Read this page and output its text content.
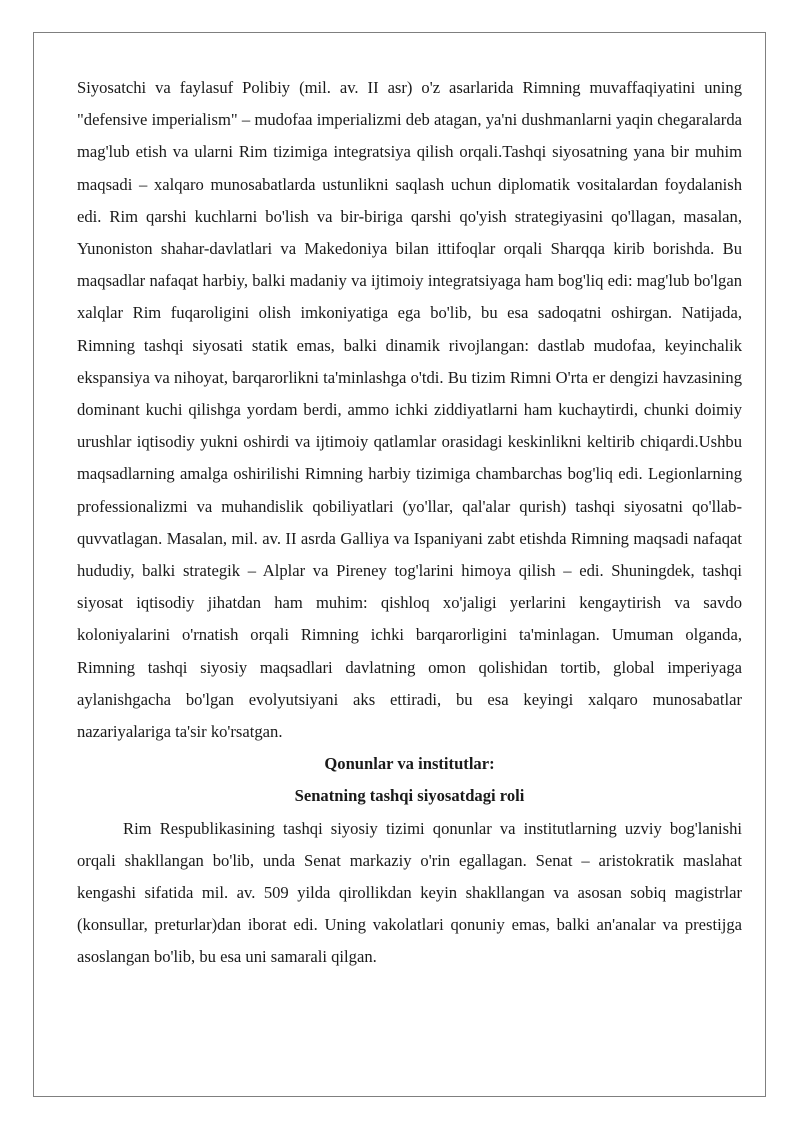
Siyosatchi va faylasuf Polibiy (mil. av. II asr) o'z asarlarida Rimning muvaffaqiyatini uning "defensive imperialism" – mudofaa imperializmi deb atagan, ya'ni dushmanlarni yaqin chegaralarda mag'lub etish va ularni Rim tizimiga integratsiya qilish orqali.Tashqi siyosatning yana bir muhim maqsadi – xalqaro munosabatlarda ustunlikni saqlash uchun diplomatik vositalardan foydalanish edi. Rim qarshi kuchlarni bo'lish va bir-biriga qarshi qo'yish strategiyasini qo'llagan, masalan, Yunoniston shahar-davlatlari va Makedoniya bilan ittifoqlar orqali Sharqqa kirib borishda. Bu maqsadlar nafaqat harbiy, balki madaniy va ijtimoiy integratsiyaga ham bog'liq edi: mag'lub bo'lgan xalqlar Rim fuqaroligini olish imkoniyatiga ega bo'lib, bu esa sadoqatni oshirgan. Natijada, Rimning tashqi siyosati statik emas, balki dinamik rivojlangan: dastlab mudofaa, keyinchalik ekspansiya va nihoyat, barqarorlikni ta'minlashga o'tdi. Bu tizim Rimni O'rta er dengizi havzasining dominant kuchi qilishga yordam berdi, ammo ichki ziddiyatlarni ham kuchaytirdi, chunki doimiy urushlar iqtisodiy yukni oshirdi va ijtimoiy qatlamlar orasidagi keskinlikni keltirib chiqardi.Ushbu maqsadlarning amalga oshirilishi Rimning harbiy tizimiga chambarchas bog'liq edi. Legionlarning professionalizmi va muhandislik qobiliyatlari (yo'llar, qal'alar qurish) tashqi siyosatni qo'llab-quvvatlagan. Masalan, mil. av. II asrda Galliya va Ispaniyani zabt etishda Rimning maqsadi nafaqat hududiy, balki strategik – Alplar va Pireney tog'larini himoya qilish – edi. Shuningdek, tashqi siyosat iqtisodiy jihatdan ham muhim: qishloq xo'jaligi yerlarini kengaytirish va savdo koloniyalarini o'rnatish orqali Rimning ichki barqarorligini ta'minlagan. Umuman olganda, Rimning tashqi siyosiy maqsadlari davlatning omon qolishidan tortib, global imperiyaga aylanishgacha bo'lgan evolyutsiyani aks ettiradi, bu esa keyingi xalqaro munosabatlar nazariyalariga ta'sir ko'rsatgan.

Qonunlar va institutlar:

Senatning tashqi siyosatdagi roli

Rim Respublikasining tashqi siyosiy tizimi qonunlar va institutlarning uzviy bog'lanishi orqali shakllangan bo'lib, unda Senat markaziy o'rin egallagan. Senat – aristokratik maslahat kengashi sifatida mil. av. 509 yilda qirollikdan keyin shakllangan va asosan sobiq magistrlar (konsullar, preturlar)dan iborat edi. Uning vakolatlari qonuniy emas, balki an'analar va prestijga asoslangan bo'lib, bu esa uni samarali qilgan.
